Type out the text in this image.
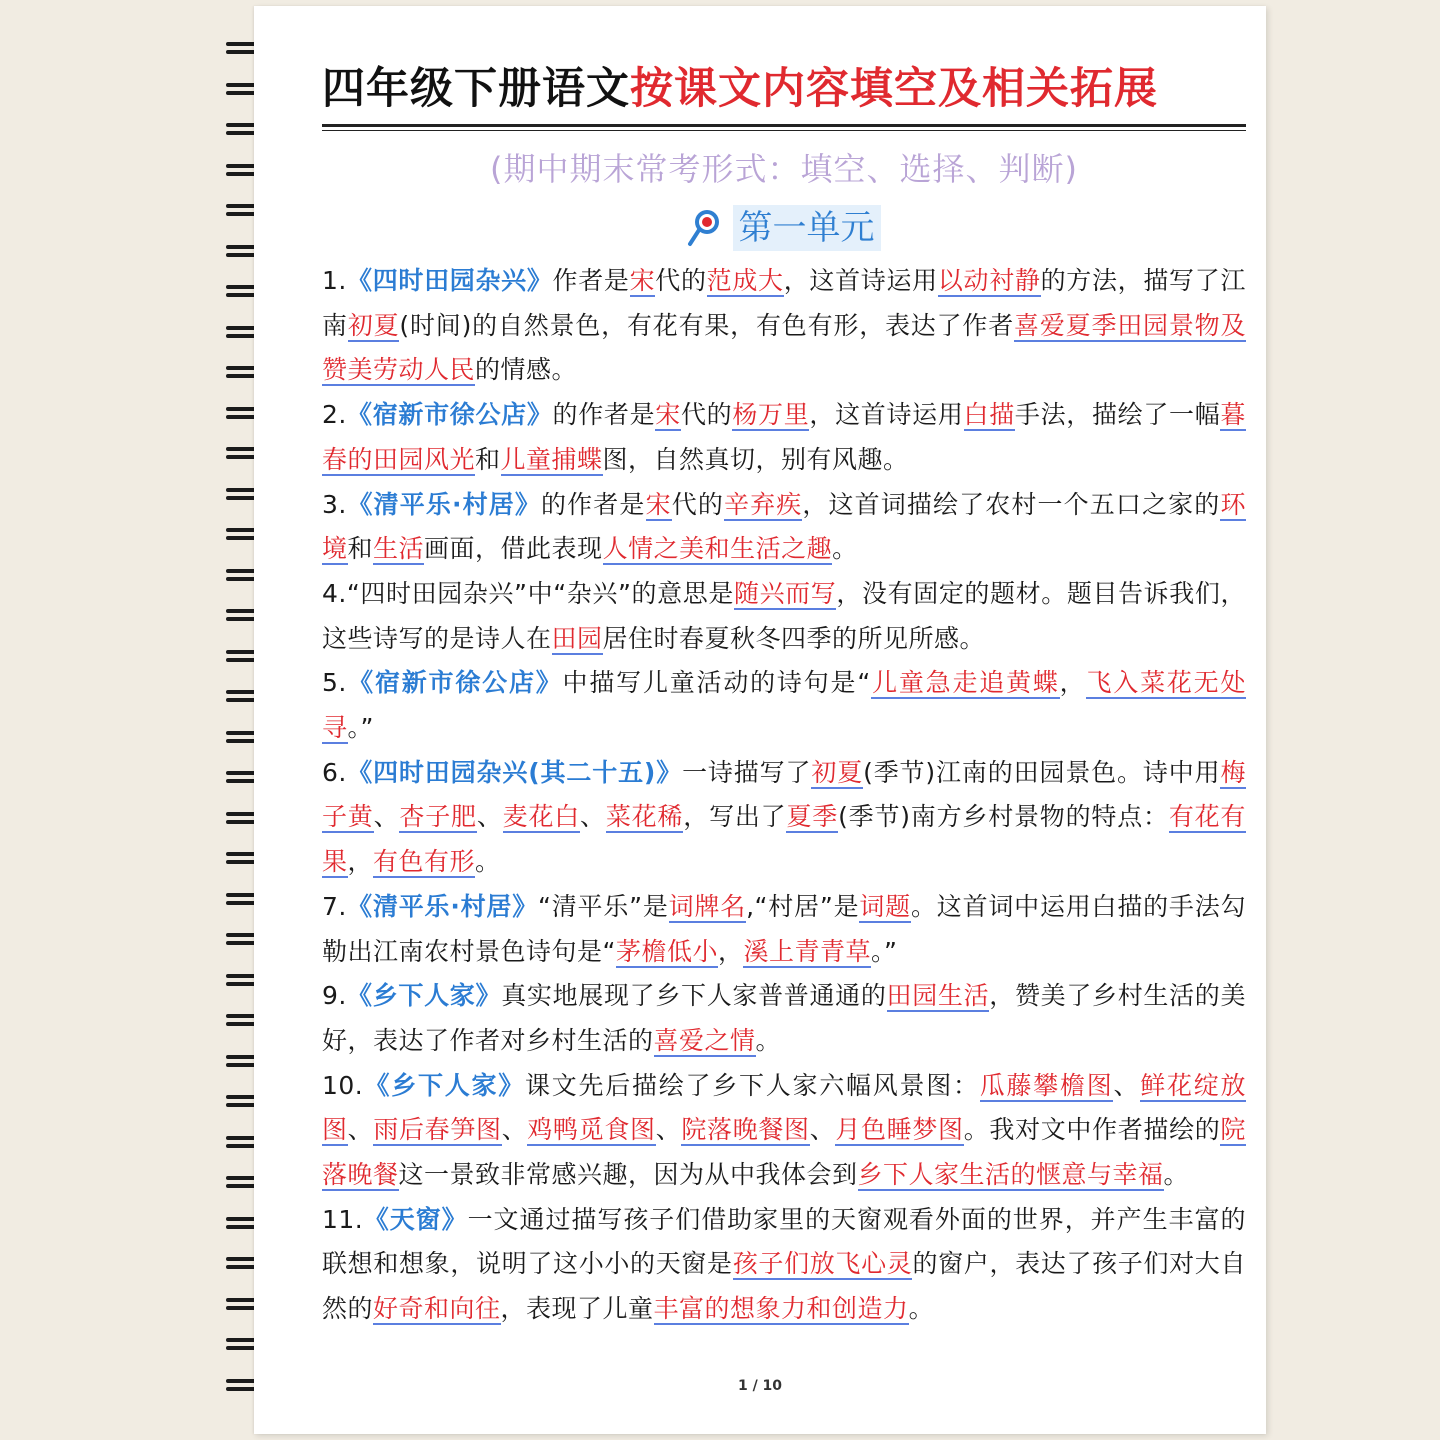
四年级下册语文按课文内容填空及相关拓展
(期中期末常考形式：填空、选择、判断)
第一单元
1.《四时田园杂兴》作者是宋代的范成大，这首诗运用以动衬静的方法，描写了江南初夏(时间)的自然景色，有花有果，有色有形，表达了作者喜爱夏季田园景物及赞美劳动人民的情感。
2.《宿新市徐公店》的作者是宋代的杨万里，这首诗运用白描手法，描绘了一幅暮春的田园风光和儿童捕蝶图，自然真切，别有风趣。
3.《清平乐·村居》的作者是宋代的辛弃疾，这首词描绘了农村一个五口之家的环境和生活画面，借此表现人情之美和生活之趣。
4.“四时田园杂兴”中“杂兴”的意思是随兴而写，没有固定的题材。题目告诉我们，这些诗写的是诗人在田园居住时春夏秋冬四季的所见所感。
5.《宿新市徐公店》中描写儿童活动的诗句是“儿童急走追黄蝶，飞入菜花无处寻。”
6.《四时田园杂兴(其二十五)》一诗描写了初夏(季节)江南的田园景色。诗中用梅子黄、杏子肥、麦花白、菜花稀，写出了夏季(季节)南方乡村景物的特点：有花有果，有色有形。
7.《清平乐·村居》“清平乐”是词牌名,“村居”是词题。这首词中运用白描的手法勾勒出江南农村景色诗句是“茅檐低小，溪上青青草。”
9.《乡下人家》真实地展现了乡下人家普普通通的田园生活，赞美了乡村生活的美好，表达了作者对乡村生活的喜爱之情。
10.《乡下人家》课文先后描绘了乡下人家六幅风景图：瓜藤攀檐图、鲜花绽放图、雨后春笋图、鸡鸭觅食图、院落晚餐图、月色睡梦图。我对文中作者描绘的院落晚餐这一景致非常感兴趣，因为从中我体会到乡下人家生活的惬意与幸福。
11.《天窗》一文通过描写孩子们借助家里的天窗观看外面的世界，并产生丰富的联想和想象，说明了这小小的天窗是孩子们放飞心灵的窗户，表达了孩子们对大自然的好奇和向往，表现了儿童丰富的想象力和创造力。
1 / 10
